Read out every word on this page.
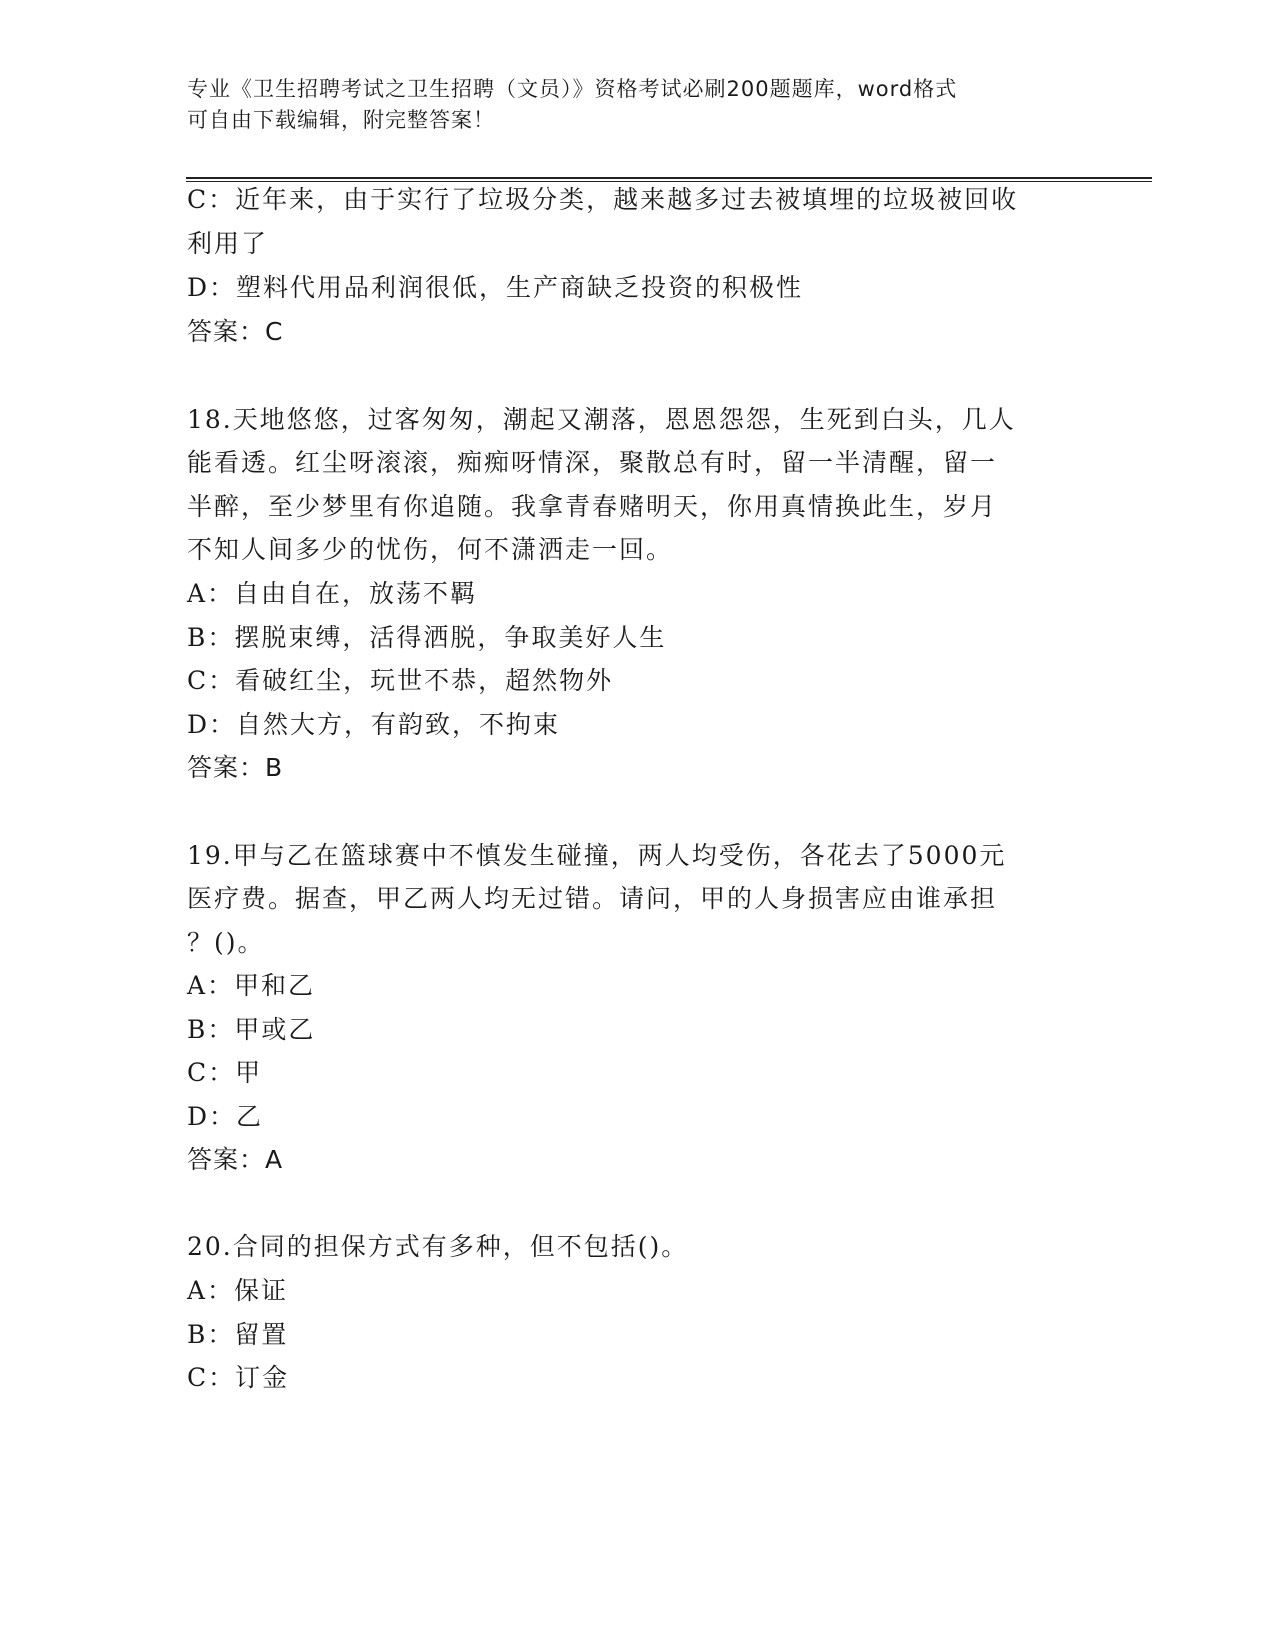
专业《卫生招聘考试之卫生招聘（文员）》资格考试必刷200题题库，word格式
可自由下载编辑，附完整答案！
C：近年来，由于实行了垃圾分类，越来越多过去被填埋的垃圾被回收
利用了
D：塑料代用品利润很低，生产商缺乏投资的积极性
答案：C
18.天地悠悠，过客匆匆，潮起又潮落，恩恩怨怨，生死到白头，几人
能看透。红尘呀滚滚，痴痴呀情深，聚散总有时，留一半清醒，留一
半醉，至少梦里有你追随。我拿青春赌明天，你用真情换此生，岁月
不知人间多少的忧伤，何不潇洒走一回。
A：自由自在，放荡不羁
B：摆脱束缚，活得洒脱，争取美好人生
C：看破红尘，玩世不恭，超然物外
D：自然大方，有韵致，不拘束
答案：B
19.甲与乙在篮球赛中不慎发生碰撞，两人均受伤，各花去了5000元
医疗费。据查，甲乙两人均无过错。请问，甲的人身损害应由谁承担
？()。
A：甲和乙
B：甲或乙
C：甲
D：乙
答案：A
20.合同的担保方式有多种，但不包括()。
A：保证
B：留置
C：订金
